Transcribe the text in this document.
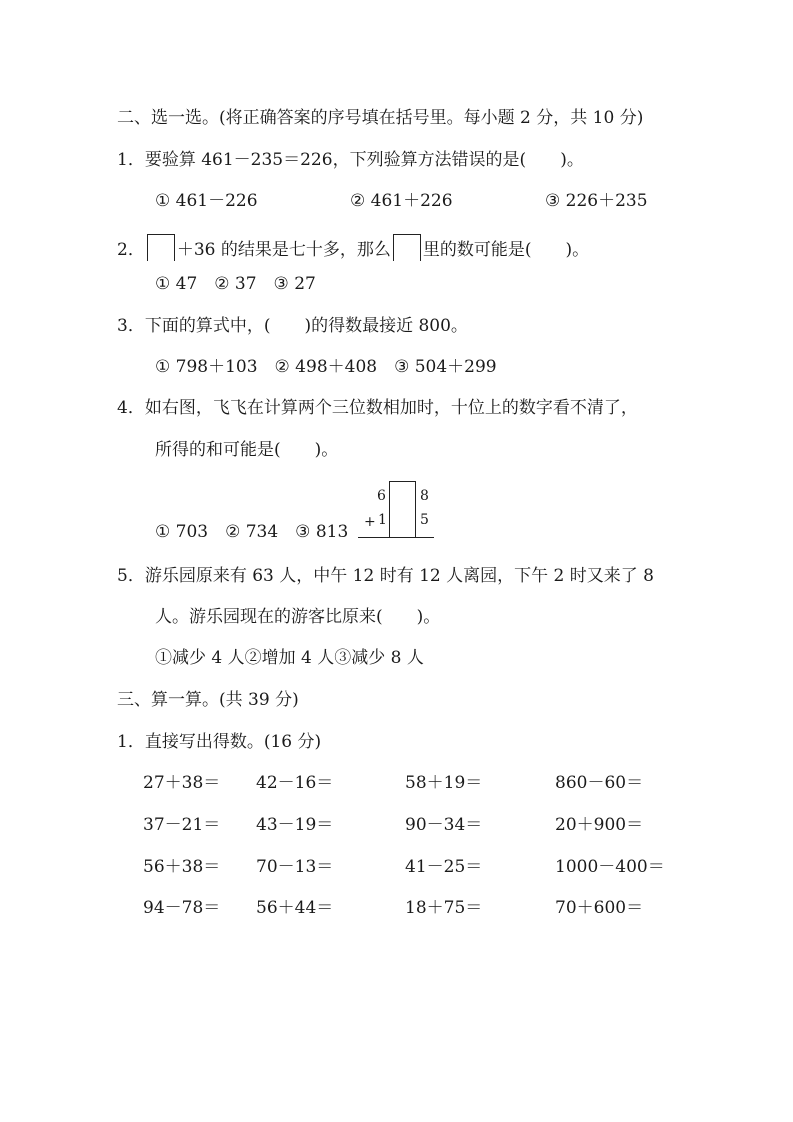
二、选一选。(将正确答案的序号填在括号里。每小题 2 分，共 10 分)
1．要验算 461－235＝226，下列验算方法错误的是(　　)。
① 461－226	② 461＋226	③ 226＋235
2． ＋36 的结果是七十多，那么 里的数可能是(　　)。
① 47　② 37　③ 27
3．下面的算式中，(　　)的得数最接近 800。
① 798＋103　② 498＋408　③ 504＋299
4．如右图，飞飞在计算两个三位数相加时，十位上的数字看不清了，
所得的和可能是(　　)。
① 703　② 734　③ 813
6 8
+ 1 5
5．游乐园原来有 63 人，中午 12 时有 12 人离园，下午 2 时又来了 8
人。游乐园现在的游客比原来(　　)。
①减少 4 人②增加 4 人③减少 8 人
三、算一算。(共 39 分)
1．直接写出得数。(16 分)
27＋38＝ 42－16＝	58＋19＝	860－60＝
37－21＝ 43－19＝	90－34＝	20＋900＝
56＋38＝ 70－13＝	41－25＝	1000－400＝
94－78＝ 56＋44＝	18＋75＝	70＋600＝
